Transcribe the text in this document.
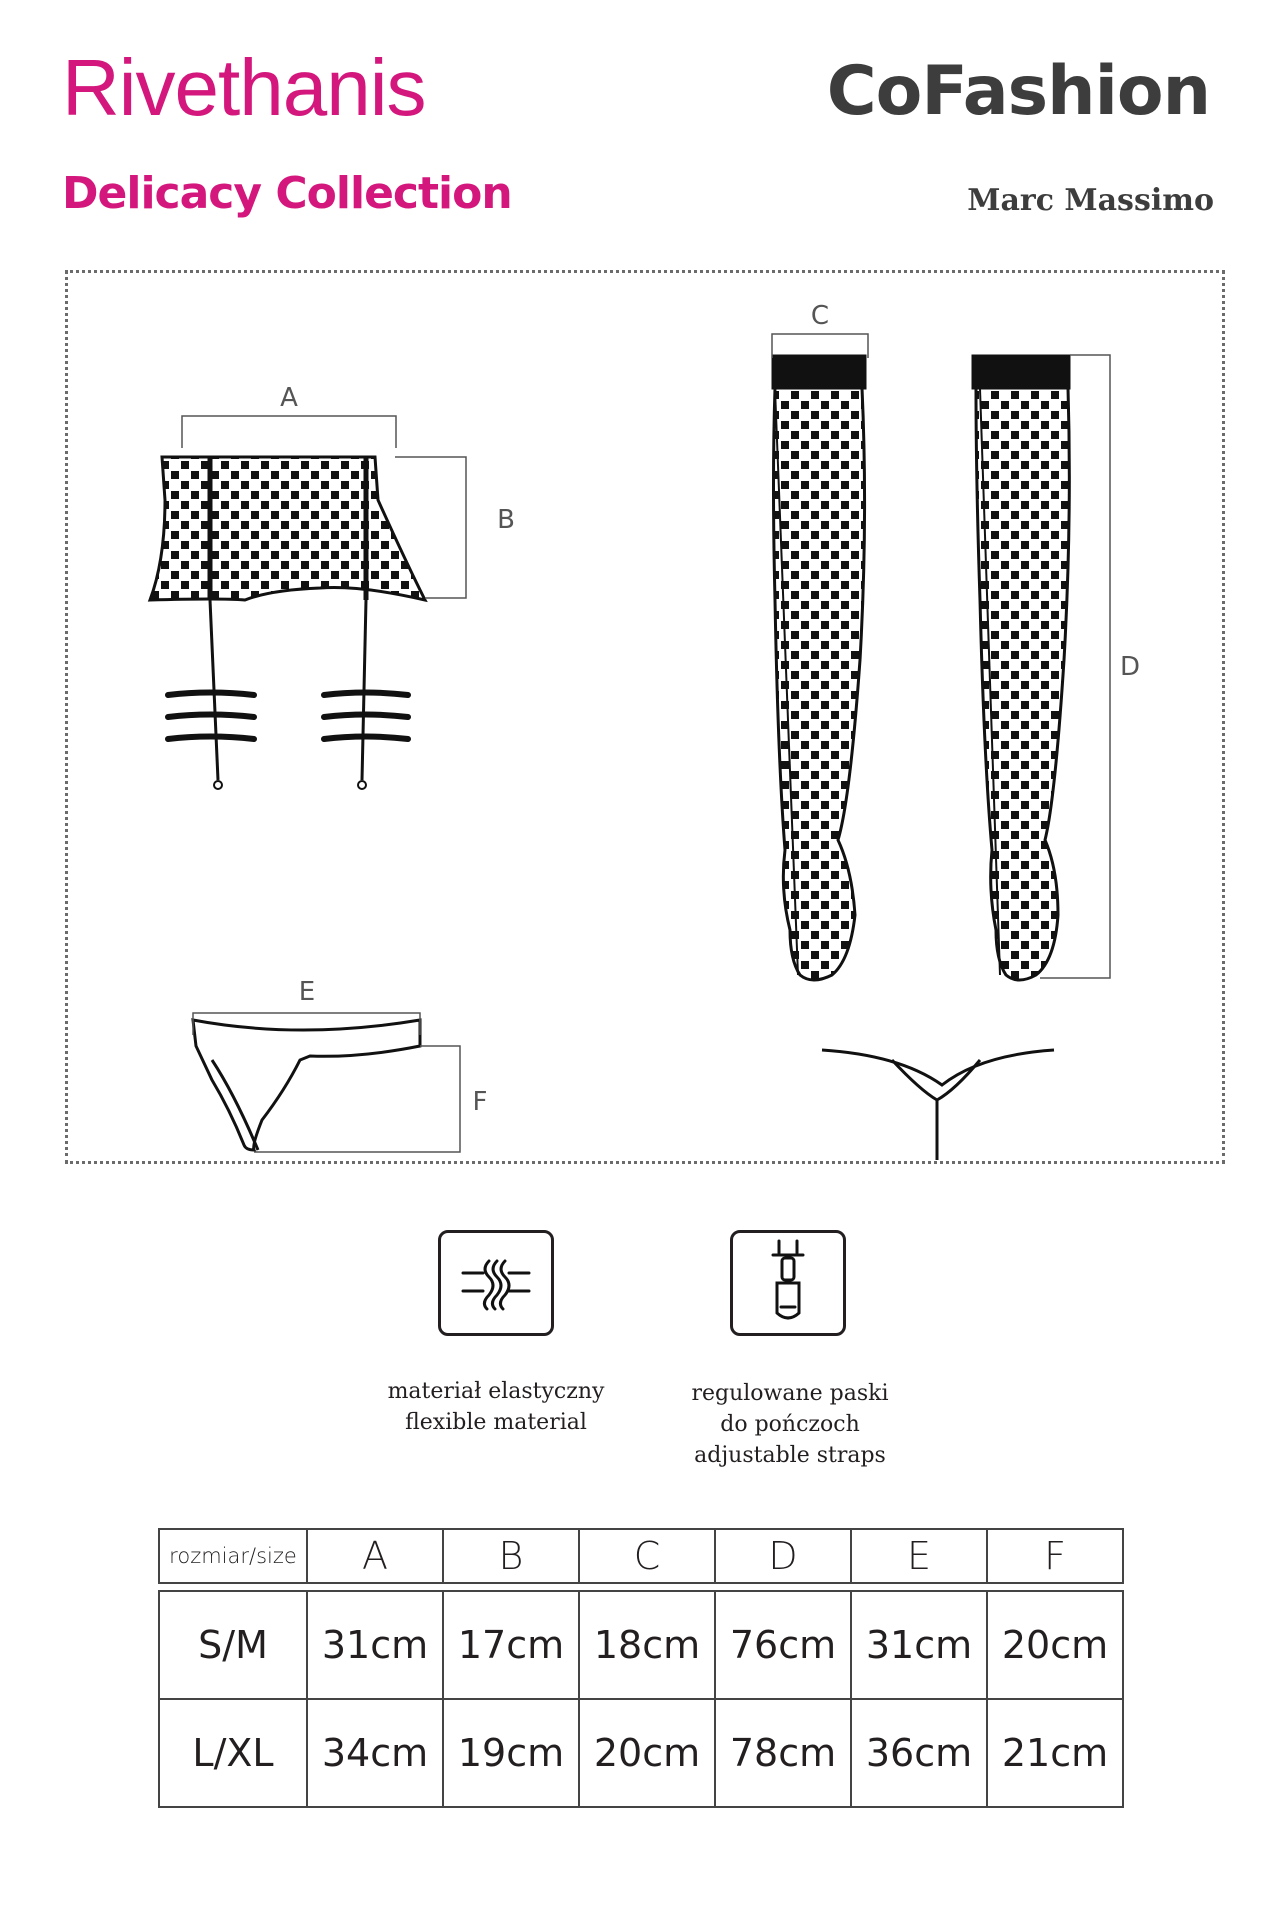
Rivethanis
Delicacy Collection
CoFashion
Marc Massimo
A
B
C
D
E
F
materiał elastyczny
flexible material
regulowane paski
do pończoch
adjustable straps
rozmiar/size	A	B	C	D	E	F
S/M	31cm	17cm	18cm	76cm	31cm	20cm
L/XL	34cm	19cm	20cm	78cm	36cm	21cm
